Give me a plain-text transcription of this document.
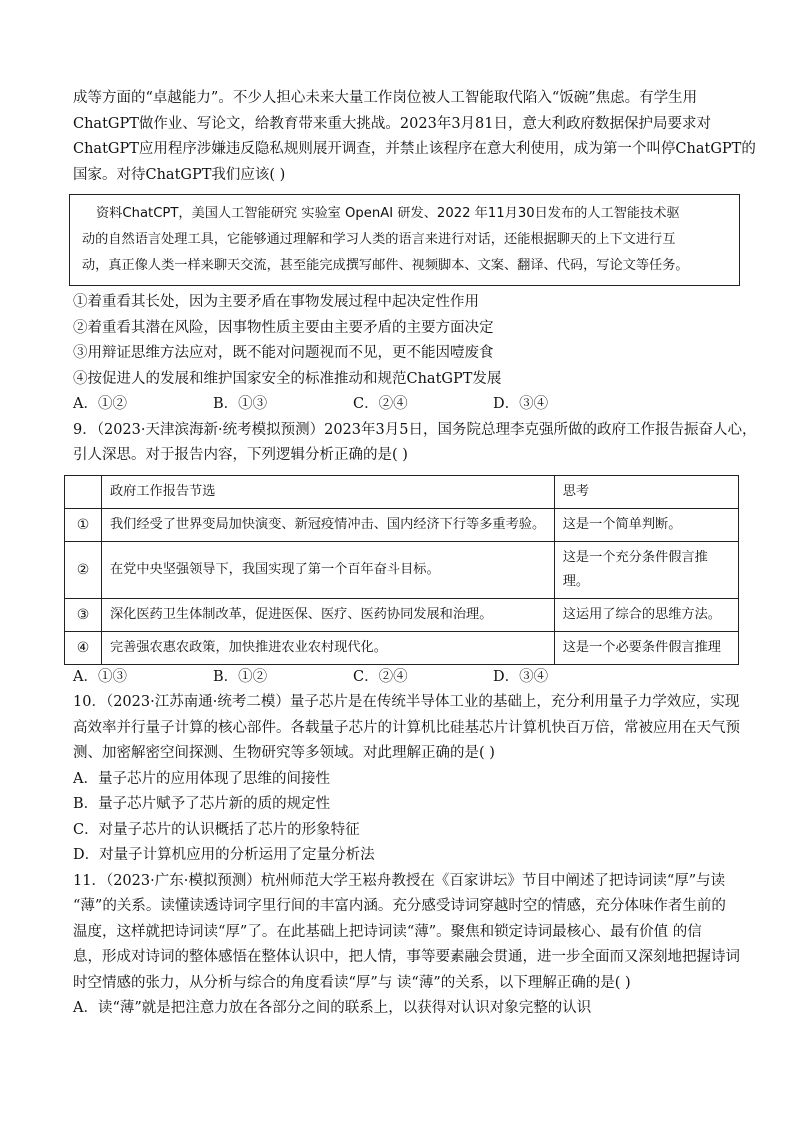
成等方面的“卓越能力”。不少人担心未来大量工作岗位被人工智能取代陷入“饭碗”焦虑。有学生用
ChatGPT做作业、写论文，给教育带来重大挑战。2023年3月81日，意大利政府数据保护局要求对
ChatGPT应用程序涉嫌违反隐私规则展开调查，并禁止该程序在意大利使用，成为第一个叫停ChatGPT的
国家。对待ChatGPT我们应该( )
资料ChatCPT，美国人工智能研究 实验室 OpenAI 研发、2022 年11月30日发布的人工智能技术驱
动的自然语言处理工具，它能够通过理解和学习人类的语言来进行对话，还能根据聊天的上下文进行互
动，真正像人类一样来聊天交流，甚至能完成撰写邮件、视频脚本、文案、翻译、代码，写论文等任务。
①着重看其长处，因为主要矛盾在事物发展过程中起决定性作用
②着重看其潜在风险，因事物性质主要由主要矛盾的主要方面决定
③用辩证思维方法应对，既不能对问题视而不见，更不能因噎废食
④按促进人的发展和维护国家安全的标准推动和规范ChatGPT发展
A．①②	B．①③	C．②④	D．③④
9．（2023·天津滨海新·统考模拟预测）2023年3月5日，国务院总理李克强所做的政府工作报告振奋人心，
引人深思。对于报告内容，下列逻辑分析正确的是( )
	政府工作报告节选	思考
①	我们经受了世界变局加快演变、新冠疫情冲击、国内经济下行等多重考验。	这是一个简单判断。
②	在党中央坚强领导下，我国实现了第一个百年奋斗目标。	这是一个充分条件假言推理。
③	深化医药卫生体制改革，促进医保、医疗、医药协同发展和治理。	这运用了综合的思维方法。
④	完善强农惠农政策，加快推进农业农村现代化。	这是一个必要条件假言推理
A．①③	B．①②	C．②④	D．③④
10．（2023·江苏南通·统考二模）量子芯片是在传统半导体工业的基础上，充分利用量子力学效应，实现
高效率并行量子计算的核心部件。各载量子芯片的计算机比硅基芯片计算机快百万倍，常被应用在天气预
测、加密解密空间探测、生物研究等多领域。对此理解正确的是( )
A．量子芯片的应用体现了思维的间接性
B．量子芯片赋予了芯片新的质的规定性
C．对量子芯片的认识概括了芯片的形象特征
D．对量子计算机应用的分析运用了定量分析法
11．（2023·广东·模拟预测）杭州师范大学王崧舟教授在《百家讲坛》节目中阐述了把诗词读“厚”与读
“薄”的关系。读懂读透诗词字里行间的丰富内涵。充分感受诗词穿越时空的情感，充分体味作者生前的
温度，这样就把诗词读“厚”了。在此基础上把诗词读“薄”。聚焦和锁定诗词最核心、最有价值 的信
息，形成对诗词的整体感悟在整体认识中，把人情，事等要素融会贯通，进一步全面而又深刻地把握诗词
时空情感的张力，从分析与综合的角度看读“厚”与 读“薄”的关系，以下理解正确的是( )
A．读“薄”就是把注意力放在各部分之间的联系上，以获得对认识对象完整的认识
